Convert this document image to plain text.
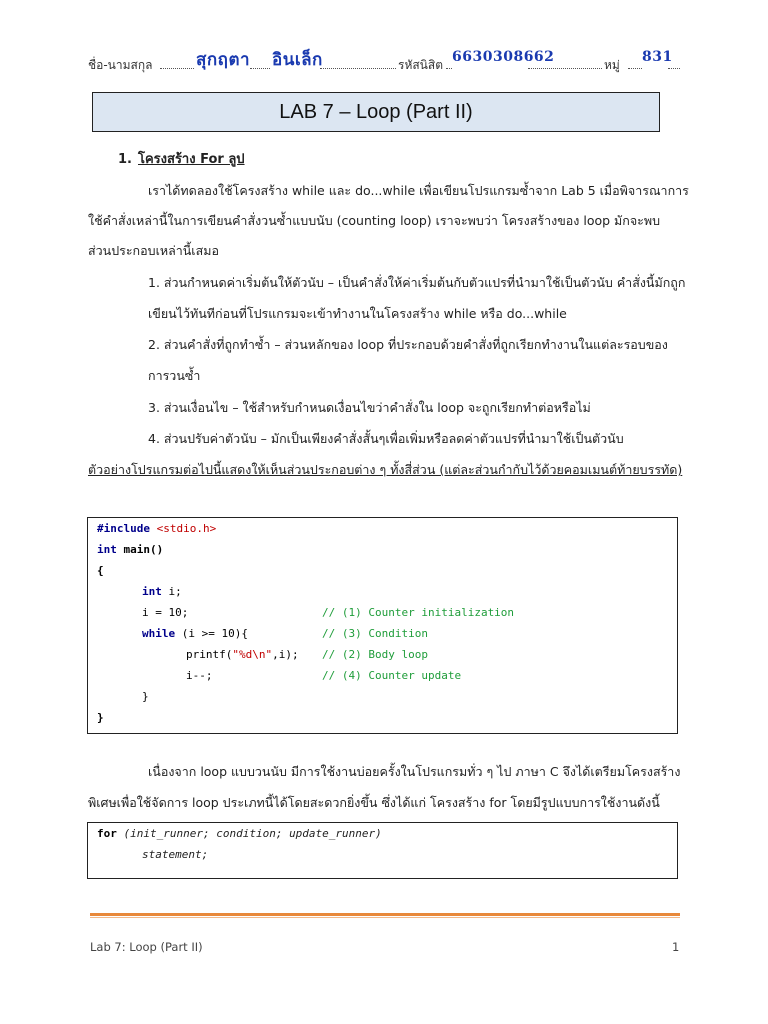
ชื่อ-นามสกุล	สุกฤตา อินเล็ก	รหัสนิสิต 6630308662	หมู่ 831
LAB 7 – Loop (Part II)
1. โครงสร้าง For ลูป
เราได้ทดลองใช้โครงสร้าง while และ do...while เพื่อเขียนโปรแกรมซ้ำจาก Lab 5 เมื่อพิจารณาการ
ใช้คำสั่งเหล่านี้ในการเขียนคำสั่งวนซ้ำแบบนับ (counting loop) เราจะพบว่า โครงสร้างของ loop มักจะพบ
ส่วนประกอบเหล่านี้เสมอ
1. ส่วนกำหนดค่าเริ่มต้นให้ตัวนับ – เป็นคำสั่งให้ค่าเริ่มต้นกับตัวแปรที่นำมาใช้เป็นตัวนับ คำสั่งนี้มักถูก
เขียนไว้ทันทีก่อนที่โปรแกรมจะเข้าทำงานในโครงสร้าง while หรือ do...while
2. ส่วนคำสั่งที่ถูกทำซ้ำ – ส่วนหลักของ loop ที่ประกอบด้วยคำสั่งที่ถูกเรียกทำงานในแต่ละรอบของ
การวนซ้ำ
3. ส่วนเงื่อนไข – ใช้สำหรับกำหนดเงื่อนไขว่าคำสั่งใน loop จะถูกเรียกทำต่อหรือไม่
4. ส่วนปรับค่าตัวนับ – มักเป็นเพียงคำสั่งสั้นๆเพื่อเพิ่มหรือลดค่าตัวแปรที่นำมาใช้เป็นตัวนับ
ตัวอย่างโปรแกรมต่อไปนี้แสดงให้เห็นส่วนประกอบต่าง ๆ ทั้งสี่ส่วน (แต่ละส่วนกำกับไว้ด้วยคอมเมนต์ท้ายบรรทัด)
#include <stdio.h>
int main()
{
int i;
i = 10;	// (1) Counter initialization
while (i >= 10){	// (3) Condition
printf("%d\n",i); // (2) Body loop
i--;	// (4) Counter update
}
}
เนื่องจาก loop แบบวนนับ มีการใช้งานบ่อยครั้งในโปรแกรมทั่ว ๆ ไป ภาษา C จึงได้เตรียมโครงสร้าง
พิเศษเพื่อใช้จัดการ loop ประเภทนี้ได้โดยสะดวกยิ่งขึ้น ซึ่งได้แก่ โครงสร้าง for โดยมีรูปแบบการใช้งานดังนี้
for (init_runner; condition; update_runner)
statement;
Lab 7: Loop (Part II)	1
